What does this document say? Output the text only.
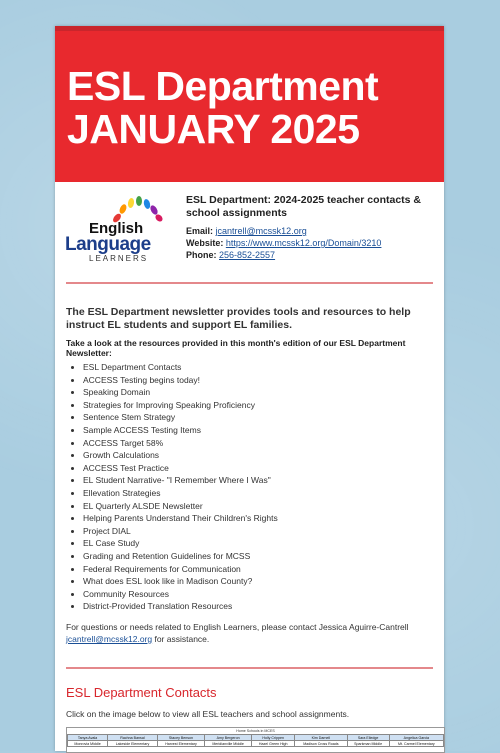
ESL Department
JANUARY 2025
English
Language
LEARNERS
ESL Department: 2024-2025 teacher contacts & school assignments
Email: jcantrell@mcssk12.org
Website: https://www.mcssk12.org/Domain/3210
Phone: 256-852-2557
The ESL Department newsletter provides tools and resources to help instruct EL students and support EL families.
Take a look at the resources provided in this month's edition of our ESL Department Newsletter:
• ESL Department Contacts
• ACCESS Testing begins today!
• Speaking Domain
• Strategies for Improving Speaking Proficiency
• Sentence Stem Strategy
• Sample ACCESS Testing Items
• ACCESS Target 58%
• Growth Calculations
• ACCESS Test Practice
• EL Student Narrative- "I Remember Where I Was"
• Ellevation Strategies
• EL Quarterly ALSDE Newsletter
• Helping Parents Understand Their Children's Rights
• Project DIAL
• EL Case Study
• Grading and Retention Guidelines for MCSS
• Federal Requirements for Communication
• What does ESL look like in Madison County?
• Community Resources
• District-Provided Translation Resources
For questions or needs related to English Learners, please contact Jessica Aguirre-Cantrell jcantrell@mcssk12.org for assistance.
ESL Department Contacts
Click on the image below to view all ESL teachers and school assignments.
Home Schools in MCES
Tanya Avala	Rachna Bansal	Stacey Benson	Amy Bergeron	Holly Crippen	Kim Darnell	Sara Elledge	Angelica Garcia
Monrovia Middle	Lakeside Elementary	Harvest Elementary	Meridianville Middle	Hazel Green High	Madison Cross Roads	Sparkman Middle	Mt. Carmel Elementary
